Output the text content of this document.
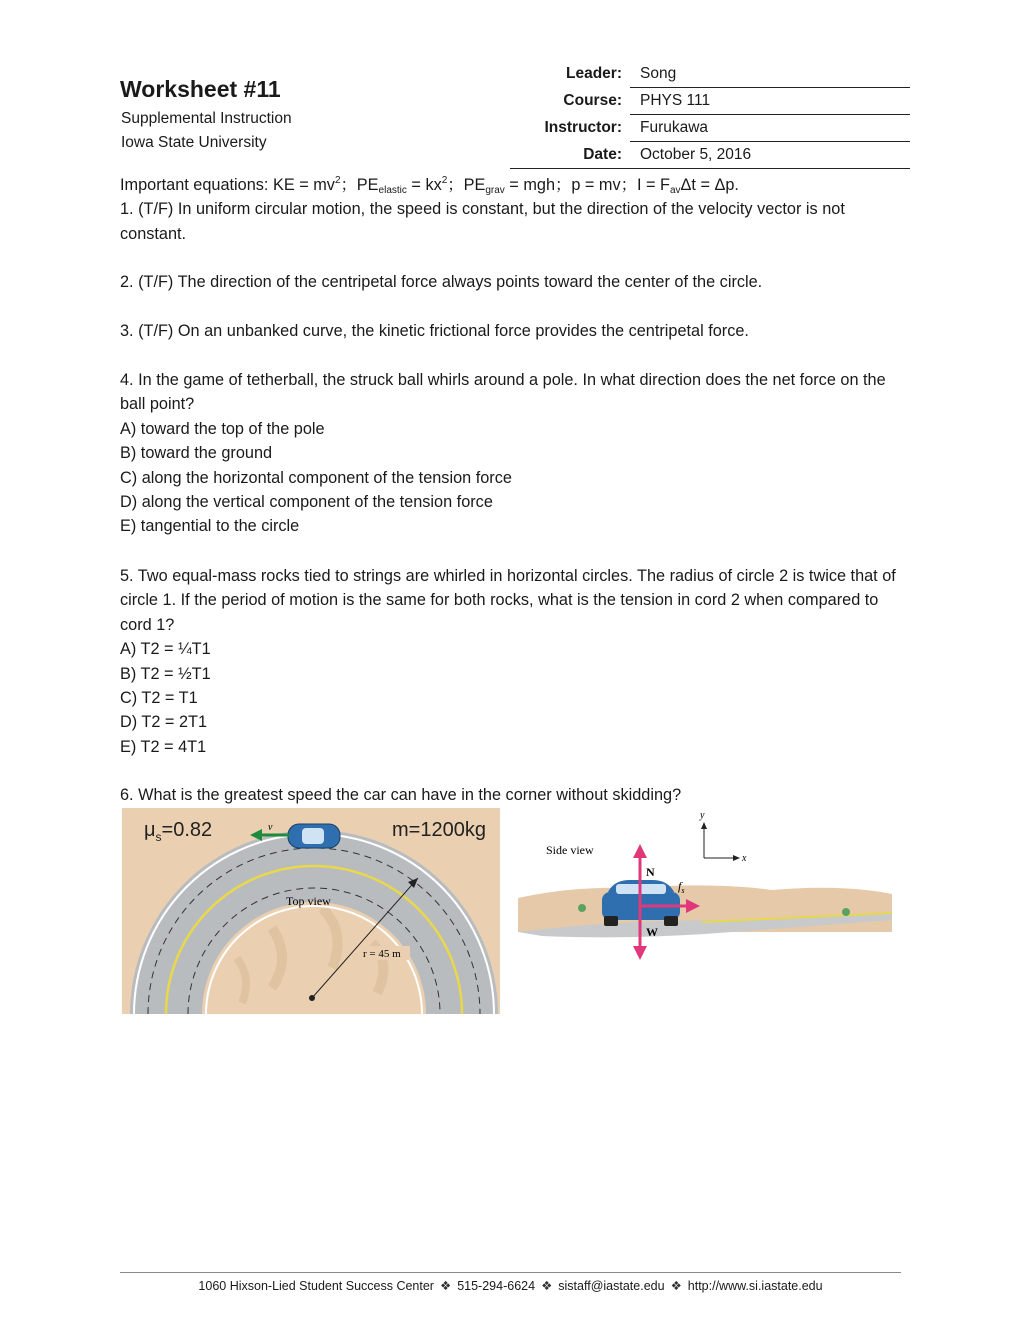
Worksheet #11
Supplemental Instruction
Iowa State University
Leader: Song
Course: PHYS 111
Instructor: Furukawa
Date: October 5, 2016
Important equations: KE = $mv^2$；$PE_{elastic} = kx^2$；$PE_{grav}$ = mgh；p = mv；$I = F_{av}\Delta t = \Delta p$.
1. (T/F) In uniform circular motion, the speed is constant, but the direction of the velocity vector is not constant.
2. (T/F) The direction of the centripetal force always points toward the center of the circle.
3. (T/F) On an unbanked curve, the kinetic frictional force provides the centripetal force.
4. In the game of tetherball, the struck ball whirls around a pole. In what direction does the net force on the ball point?
A) toward the top of the pole
B) toward the ground
C) along the horizontal component of the tension force
D) along the vertical component of the tension force
E) tangential to the circle
5. Two equal-mass rocks tied to strings are whirled in horizontal circles. The radius of circle 2 is twice that of circle 1. If the period of motion is the same for both rocks, what is the tension in cord 2 when compared to cord 1?
A) T2 = ¼T1
B) T2 = ½T1
C) T2 = T1
D) T2 = 2T1
E) T2 = 4T1
6. What is the greatest speed the car can have in the corner without skidding?
v
r = 45 m
Top view
$\mu_s=0.82$	m=1200kg
N
W
$f_s$
x
y
Side view
1060 Hixson-Lied Student Success Center ❖ 515-294-6624 ❖ sistaff@iastate.edu ❖ http://www.si.iastate.edu
